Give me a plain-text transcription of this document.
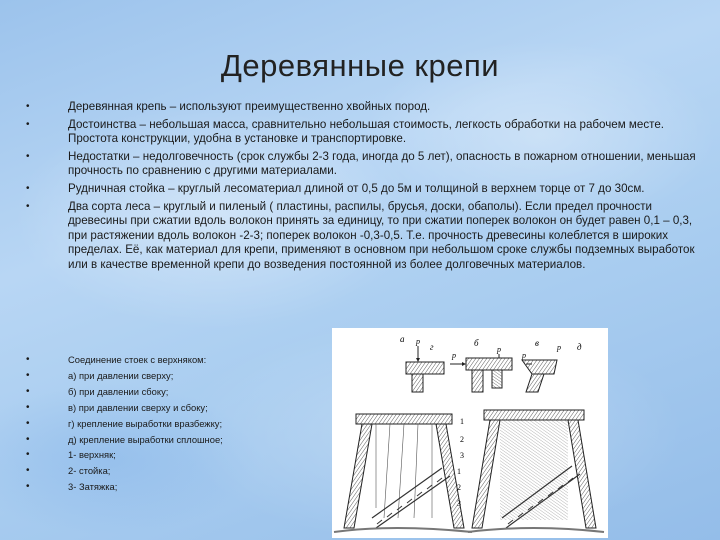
Деревянные крепи
•	Деревянная крепь – используют преимущественно хвойных пород.
•	Достоинства – небольшая масса, сравнительно небольшая стоимость, легкость обработки на рабочем месте. Простота конструкции, удобна в установке и транспортировке.
•	Недостатки – недолговечность (срок службы 2-3 года, иногда до 5 лет), опасность в пожарном отношении, меньшая прочность по сравнению с другими материалами.
•	Рудничная стойка – круглый лесоматериал длиной от 0,5 до 5м и толщиной в верхнем торце от 7 до 30см.
•	Два сорта леса – круглый и пиленый ( пластины, распилы, брусья, доски, обаполы). Если предел прочности древесины при сжатии вдоль волокон принять за единицу, то при сжатии поперек волокон он будет равен 0,1 – 0,3, при растяжении вдоль волокон -2-3; поперек волокон -0,3-0,5. Т.е. прочность древесины колеблется в широких пределах. Её, как материал для крепи, применяют в основном при небольшом сроке службы подземных выработок или в качестве временной крепи до возведения постоянной из более долговечных материалов.
•	Соединение стоек с верхняком:
•	а) при давлении сверху;
•	б) при давлении сбоку;
•	в) при давлении сверху и сбоку;
•	г) крепление выработки вразбежку;
•	д) крепление выработки сплошное;
•	1- верхняк;
•	2- стойка;
•	3- Затяжка;
а	б	в
г	д
р
р
р
р
р
1
2
3
1
2
3
